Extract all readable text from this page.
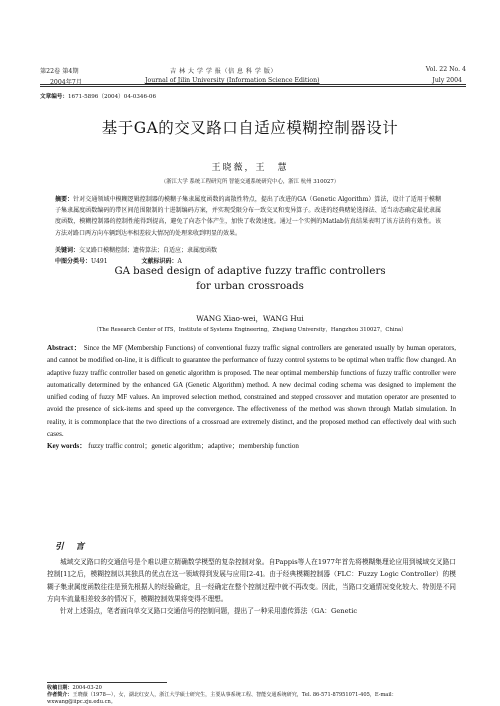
第22卷 第4期	吉 林 大 学 学 报（信 息 科 学 版）	Vol. 22 No. 4
2004年7月	Journal of Jilin University (Information Science Edition)	July 2004
文章编号：1671-5896（2004）04-0346-06
基于GA的交叉路口自适应模糊控制器设计
王晓薇，王　慧
（浙江大学 系统工程研究所 智能交通系统研究中心，浙江 杭州 310027）
摘要：针对交通领域中模糊逻辑控制器的模糊子集隶属度函数的离散性特点，提出了改进的GA（Genetic Algorithm）算法，设计了适用于模糊子集隶属度函数编码的带区间范围限制的十进制编码方案，并实现受限分布一致交叉和变异算子。改进的经典赌轮选择法、适当动态确定最优隶属度函数，模糊控制器的控制性能得到提高，避免了向态个体产生，加快了收敛速度。通过一个实例的Matlab仿真结果表明了该方法的有效性。该方法对路口两方向车辆到达率相差较大情况的处理来收到明显的效果。
关键词：交叉路口模糊控制；遗传算法；自适应；隶属度函数
中图分类号：U491	文献标识码：A
GA based design of adaptive fuzzy traffic controllers for urban crossroads
WANG Xiao-wei，WANG Hui
（The Research Center of ITS，Institute of Systems Engineering，Zhejiang University，Hangzhou 310027，China）
Abstract： Since the MF (Membership Functions) of conventional fuzzy traffic signal controllers are generated usually by human operators, and cannot be modified on-line, it is difficult to guarantee the performance of fuzzy control systems to be optimal when traffic flow changed. An adaptive fuzzy traffic controller based on genetic algorithm is proposed. The near optimal membership functions of fuzzy traffic controller were automatically determined by the enhanced GA (Genetic Algorithm) method. A new decimal coding schema was designed to implement the unified coding of fuzzy MF values. An improved selection method, constrained and stepped crossover and mutation operator are presented to avoid the presence of sick-items and speed up the convergence. The effectiveness of the method was shown through Matlab simulation. In reality, it is commonplace that the two directions of a crossroad are extremely distinct, and the proposed method can effectively deal with such cases.
Key words： fuzzy traffic control；genetic algorithm；adaptive；membership function
引言

城域交叉路口的交通信号是个难以建立精确数学模型的复杂控制对象。自Pappis等人在1977年首先将模糊集理论应用到城域交叉路口控制[1]之后，模糊控制以其独具的优点在这一领域得到发展与应用[2-4]。由于经典模糊控制器（FLC：Fuzzy Logic Controller）的模糊子集隶属度函数往往是预先根据人的经验确定，且一经确定在整个控制过程中就不再改变。因此，当路口交通情况变化较大、特别是不同方向车流量相差较多的情况下，模糊控制效果将变得不理想。

针对上述弱点，笔者面向单交叉路口交通信号的控制问题，提出了一种采用遗传算法（GA：Genetic

收稿日期：2004-03-20
作者简介：王晓薇（1978—），女，湖北红安人，浙江大学硕士研究生，主要从事系统工程、智能交通系统研究，Tel. 86-571-87951071-405，E-mail：wxwang@iipc.zju.edu.cn。
